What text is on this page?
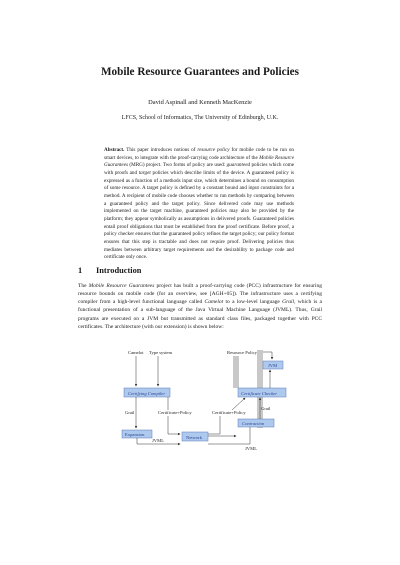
Mobile Resource Guarantees and Policies
David Aspinall and Kenneth MacKenzie
LFCS, School of Informatics, The University of Edinburgh, U.K.
Abstract. This paper introduces notions of resource policy for mobile code to be run on smart devices, to integrate with the proof-carrying code architecture of the Mobile Resource Guarantees (MRG) project. Two forms of policy are used: guaranteed policies which come with proofs and target policies which describe limits of the device. A guaranteed policy is expressed as a function of a methods input size, which determines a bound on consumption of some resource. A target policy is defined by a constant bound and input constraints for a method. A recipient of mobile code chooses whether to run methods by comparing between a guaranteed policy and the target policy. Since delivered code may use methods implemented on the target machine, guaranteed policies may also be provided by the platform; they appear symbolically as assumptions in delivered proofs. Guaranteed policies entail proof obligations that must be established from the proof certificate. Before proof, a policy checker ensures that the guaranteed policy refines the target policy; our policy format ensures that this step is tractable and does not require proof. Delivering policies thus mediates between arbitrary target requirements and the desirability to package code and certificate only once.
1 Introduction
The Mobile Resource Guarantees project has built a proof-carrying code (PCC) infrastructure for ensuring resource bounds on mobile code (for an overview, see [AGH+05]). The infrastructure uses a certifying compiler from a high-level functional language called Camelot to a low-level language Grail, which is a functional presentation of a sub-language of the Java Virtual Machine Language (JVML). Thus, Grail programs are executed on a JVM but transmitted as standard class files, packaged together with PCC certificates. The architecture (with our extension) is shown below:
Camelot Type system	Resource Policy
JVM
Certifying Compiler	Certificate Checker
Grail	Certificate+Policy
Expansion
JVML
Network
Certificate+Policy
Contraction
Grail
JVML
